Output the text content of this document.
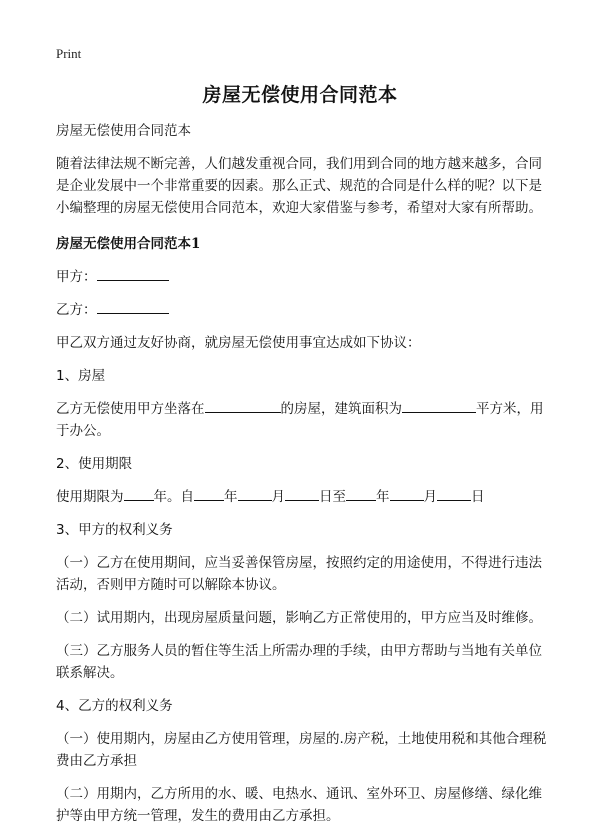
Print
房屋无偿使用合同范本

房屋无偿使用合同范本

随着法律法规不断完善，人们越发重视合同，我们用到合同的地方越来越多，合同是企业发展中一个非常重要的因素。那么正式、规范的合同是什么样的呢？以下是小编整理的房屋无偿使用合同范本，欢迎大家借鉴与参考，希望对大家有所帮助。

房屋无偿使用合同范本1

甲方：

乙方：

甲乙双方通过友好协商，就房屋无偿使用事宜达成如下协议：

1、房屋

乙方无偿使用甲方坐落在	的房屋，建筑面积为	平方米，用于办公。

2、使用期限

使用期限为 年。自 年	月	日至 年	月	日

3、甲方的权利义务

（一）乙方在使用期间，应当妥善保管房屋，按照约定的用途使用，不得进行违法活动，否则甲方随时可以解除本协议。

（二）试用期内，出现房屋质量问题，影响乙方正常使用的，甲方应当及时维修。

（三）乙方服务人员的暂住等生活上所需办理的手续，由甲方帮助与当地有关单位联系解决。

4、乙方的权利义务

（一）使用期内，房屋由乙方使用管理，房屋的.房产税，土地使用税和其他合理税费由乙方承担

（二）用期内，乙方所用的水、暖、电热水、通讯、室外环卫、房屋修缮、绿化维护等由甲方统一管理，发生的费用由乙方承担。
